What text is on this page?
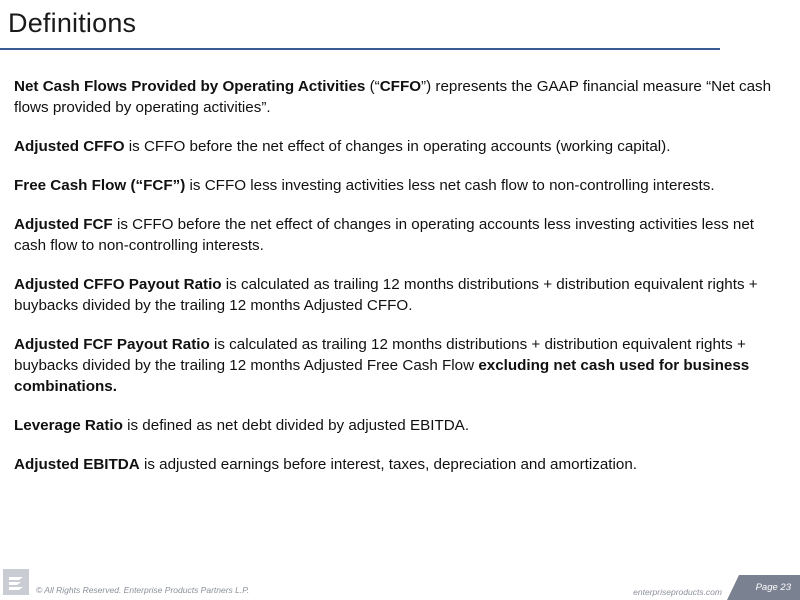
Definitions

Net Cash Flows Provided by Operating Activities (“CFFO”) represents the GAAP financial measure “Net cash flows provided by operating activities”.

Adjusted CFFO is CFFO before the net effect of changes in operating accounts (working capital).

Free Cash Flow (“FCF”) is CFFO less investing activities less net cash flow to non-controlling interests.

Adjusted FCF is CFFO before the net effect of changes in operating accounts less investing activities less net cash flow to non-controlling interests.

Adjusted CFFO Payout Ratio is calculated as trailing 12 months distributions + distribution equivalent rights + buybacks divided by the trailing 12 months Adjusted CFFO.

Adjusted FCF Payout Ratio is calculated as trailing 12 months distributions + distribution equivalent rights + buybacks divided by the trailing 12 months Adjusted Free Cash Flow excluding net cash used for business combinations.

Leverage Ratio is defined as net debt divided by adjusted EBITDA.

Adjusted EBITDA is adjusted earnings before interest, taxes, depreciation and amortization.

© All Rights Reserved. Enterprise Products Partners L.P.	enterpriseproducts.com	Page 23
